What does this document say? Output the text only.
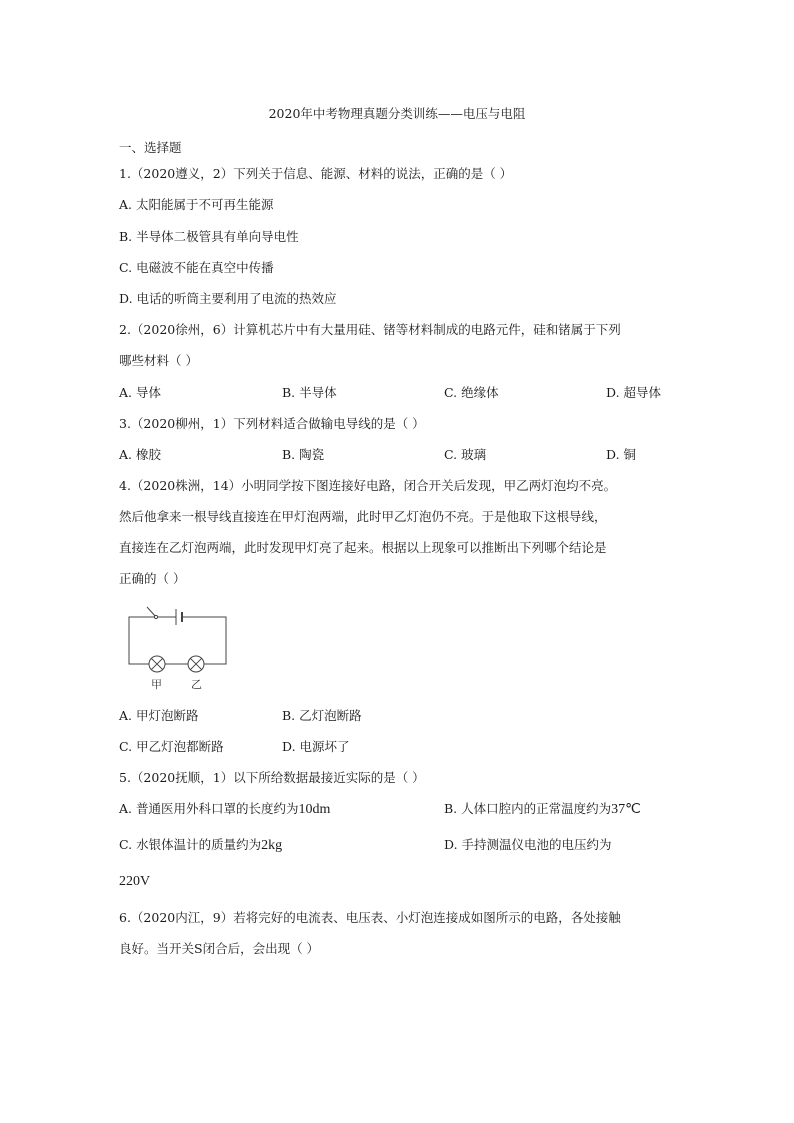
2020年中考物理真题分类训练——电压与电阻
一、选择题
1.（2020遵义，2）下列关于信息、能源、材料的说法，正确的是（ ）
A. 太阳能属于不可再生能源
B. 半导体二极管具有单向导电性
C. 电磁波不能在真空中传播
D. 电话的听筒主要利用了电流的热效应
2.（2020徐州，6）计算机芯片中有大量用硅、锗等材料制成的电路元件，硅和锗属于下列
哪些材料（ ）
A. 导体	B. 半导体	C. 绝缘体	D. 超导体
3.（2020柳州，1）下列材料适合做输电导线的是（ ）
A. 橡胶	B. 陶瓷	C. 玻璃	D. 铜
4.（2020株洲，14）小明同学按下图连接好电路，闭合开关后发现，甲乙两灯泡均不亮。
然后他拿来一根导线直接连在甲灯泡两端，此时甲乙灯泡仍不亮。于是他取下这根导线，
直接连在乙灯泡两端，此时发现甲灯亮了起来。根据以上现象可以推断出下列哪个结论是
正确的（ ）
甲	乙
A. 甲灯泡断路	B. 乙灯泡断路
C. 甲乙灯泡都断路	D. 电源坏了
5.（2020抚顺，1）以下所给数据最接近实际的是（ ）
A. 普通医用外科口罩的长度约为10dm	B. 人体口腔内的正常温度约为37℃
C. 水银体温计的质量约为2kg	D. 手持测温仪电池的电压约为
220V
6.（2020内江，9）若将完好的电流表、电压表、小灯泡连接成如图所示的电路，各处接触
良好。当开关S闭合后，会出现（ ）
